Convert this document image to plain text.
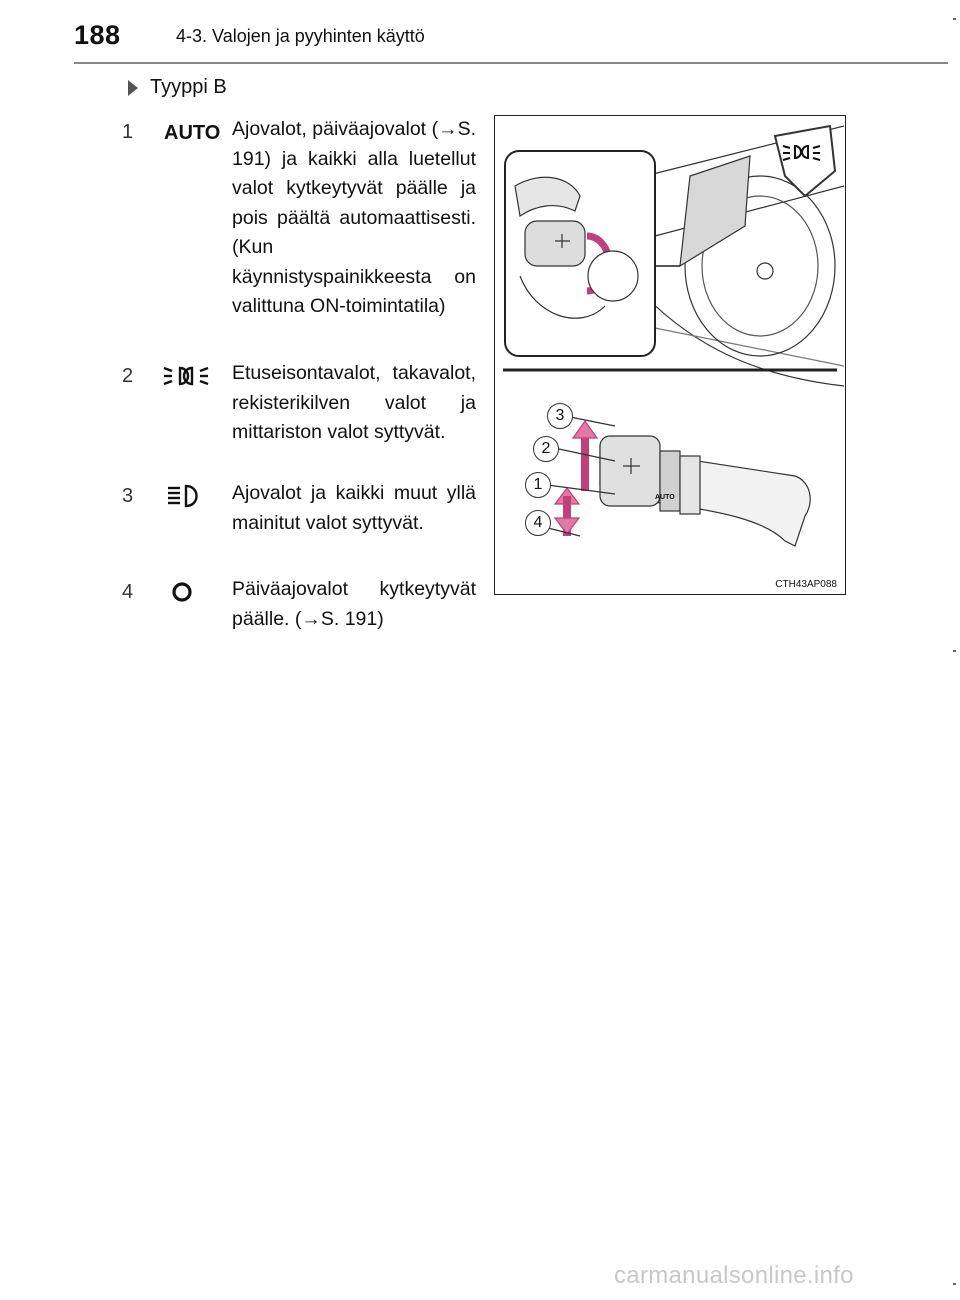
188	4-3. Valojen ja pyyhinten käyttö
Tyyppi B
1 AUTO Ajovalot, päiväajovalot (→S. 191) ja kaikki alla luetellut valot kytkeytyvät päälle ja pois päältä automaattisesti. (Kun käynnistyspainikkeesta on valittuna ON-toimintatila)
2	Etuseisontavalot, takavalot, rekisterikilven valot ja mittariston valot syttyvät.
3	Ajovalot ja kaikki muut yllä mainitut valot syttyvät.
4	Päiväajovalot kytkeytyvät päälle. (→S. 191)
3
2
1
4
AUTO
CTH43AP088
carmanualsonline.info
